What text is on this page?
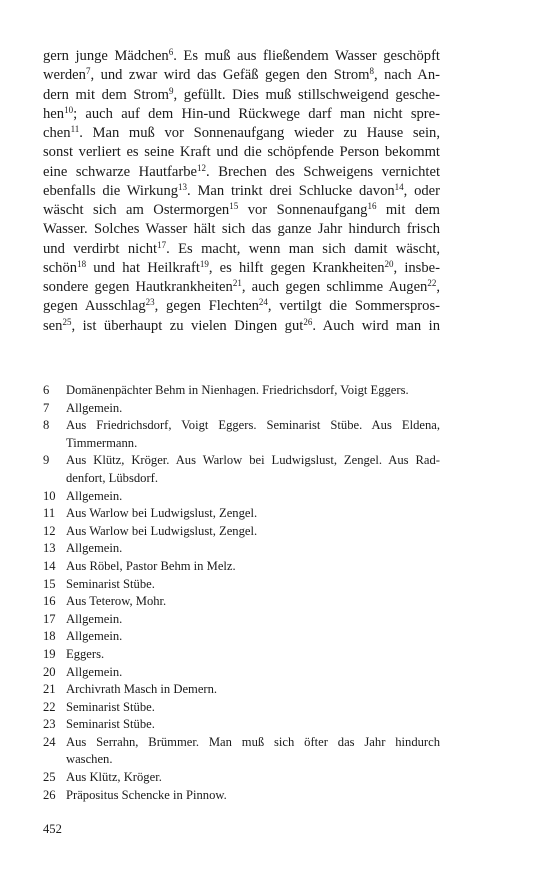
gern junge Mädchen$^6$. Es muß aus fließendem Wasser geschöpft
werden$^7$, und zwar wird das Gefäß gegen den Strom$^8$, nach An-
dern mit dem Strom$^9$, gefüllt. Dies muß stillschweigend gesche-
hen$^{10}$; auch auf dem Hin-und Rückwege darf man nicht spre-
chen$^{11}$. Man muß vor Sonnenaufgang wieder zu Hause sein,
sonst verliert es seine Kraft und die schöpfende Person bekommt
eine schwarze Hautfarbe$^{12}$. Brechen des Schweigens vernichtet
ebenfalls die Wirkung$^{13}$. Man trinkt drei Schlucke davon$^{14}$, oder
wäscht sich am Ostermorgen$^{15}$ vor Sonnenaufgang$^{16}$ mit dem
Wasser. Solches Wasser hält sich das ganze Jahr hindurch frisch
und verdirbt nicht$^{17}$. Es macht, wenn man sich damit wäscht,
schön$^{18}$ und hat Heilkraft$^{19}$, es hilft gegen Krankheiten$^{20}$, insbe-
sondere gegen Hautkrankheiten$^{21}$, auch gegen schlimme Augen$^{22}$,
gegen Ausschlag$^{23}$, gegen Flechten$^{24}$, vertilgt die Sommerspros-
sen$^{25}$, ist überhaupt zu vielen Dingen gut$^{26}$. Auch wird man in
6	Domänenpächter Behm in Nienhagen. Friedrichsdorf, Voigt Eggers.
7	Allgemein.
8	Aus Friedrichsdorf, Voigt Eggers. Seminarist Stübe. Aus Eldena,
Timmermann.
9	Aus Klütz, Kröger. Aus Warlow bei Ludwigslust, Zengel. Aus Rad-
denfort, Lübsdorf.
10 Allgemein.
11 Aus Warlow bei Ludwigslust, Zengel.
12 Aus Warlow bei Ludwigslust, Zengel.
13 Allgemein.
14 Aus Röbel, Pastor Behm in Melz.
15 Seminarist Stübe.
16 Aus Teterow, Mohr.
17 Allgemein.
18 Allgemein.
19 Eggers.
20 Allgemein.
21 Archivrath Masch in Demern.
22 Seminarist Stübe.
23 Seminarist Stübe.
24 Aus Serrahn, Brümmer. Man muß sich öfter das Jahr hindurch
waschen.
25 Aus Klütz, Kröger.
26 Präpositus Schencke in Pinnow.
452
